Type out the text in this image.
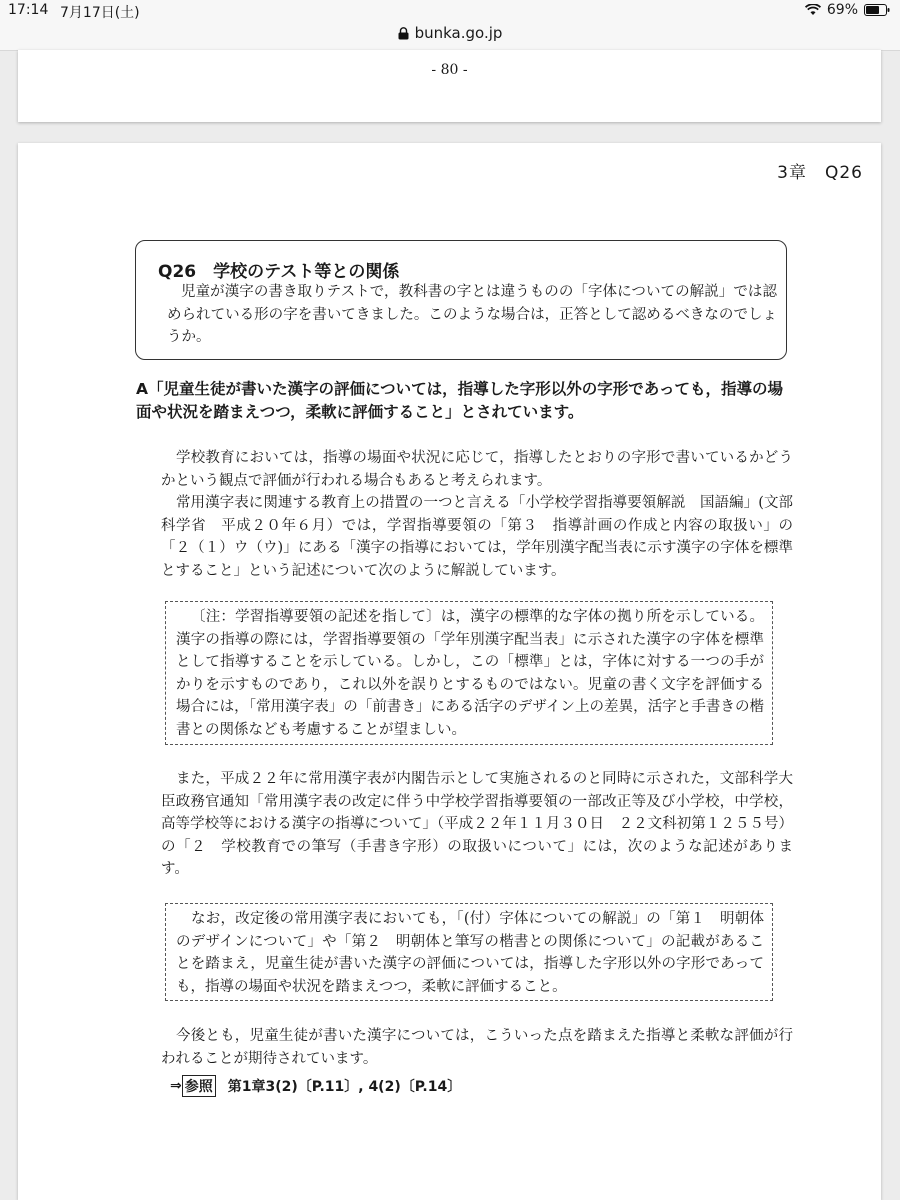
17:14 7月17日(土)	69%
bunka.go.jp
- 80 -
3章　Q26
Q26　学校のテスト等との関係
児童が漢字の書き取りテストで，教科書の字とは違うものの「字体についての解説」では認められている形の字を書いてきました。このような場合は，正答として認めるべきなのでしょうか。
A「児童生徒が書いた漢字の評価については，指導した字形以外の字形であっても，指導の場面や状況を踏まえつつ，柔軟に評価すること」とされています。
学校教育においては，指導の場面や状況に応じて，指導したとおりの字形で書いているかどうかという観点で評価が行われる場合もあると考えられます。
常用漢字表に関連する教育上の措置の一つと言える「小学校学習指導要領解説　国語編」(文部科学省　平成２０年６月）では，学習指導要領の「第３　指導計画の作成と内容の取扱い」の「２（１）ウ（ウ)」にある「漢字の指導においては，学年別漢字配当表に示す漢字の字体を標準とすること」という記述について次のように解説しています。
〔注：学習指導要領の記述を指して〕は，漢字の標準的な字体の拠り所を示している。漢字の指導の際には，学習指導要領の「学年別漢字配当表」に示された漢字の字体を標準として指導することを示している。しかし，この「標準」とは，字体に対する一つの手がかりを示すものであり，これ以外を誤りとするものではない。児童の書く文字を評価する場合には，「常用漢字表」の「前書き」にある活字のデザイン上の差異，活字と手書きの楷書との関係なども考慮することが望ましい。
また，平成２２年に常用漢字表が内閣告示として実施されるのと同時に示された，文部科学大臣政務官通知「常用漢字表の改定に伴う中学校学習指導要領の一部改正等及び小学校，中学校，高等学校等における漢字の指導について」（平成２２年１１月３０日　２２文科初第１２５５号）の「２　学校教育での筆写（手書き字形）の取扱いについて」には，次のような記述があります。
なお，改定後の常用漢字表においても，「(付）字体についての解説」の「第１　明朝体のデザインについて」や「第２　明朝体と筆写の楷書との関係について」の記載があることを踏まえ，児童生徒が書いた漢字の評価については，指導した字形以外の字形であっても，指導の場面や状況を踏まえつつ，柔軟に評価すること。
今後とも，児童生徒が書いた漢字については，こういった点を踏まえた指導と柔軟な評価が行われることが期待されています。
⇒ 参照 第1章3(2)〔P.11〕, 4(2)〔P.14〕
